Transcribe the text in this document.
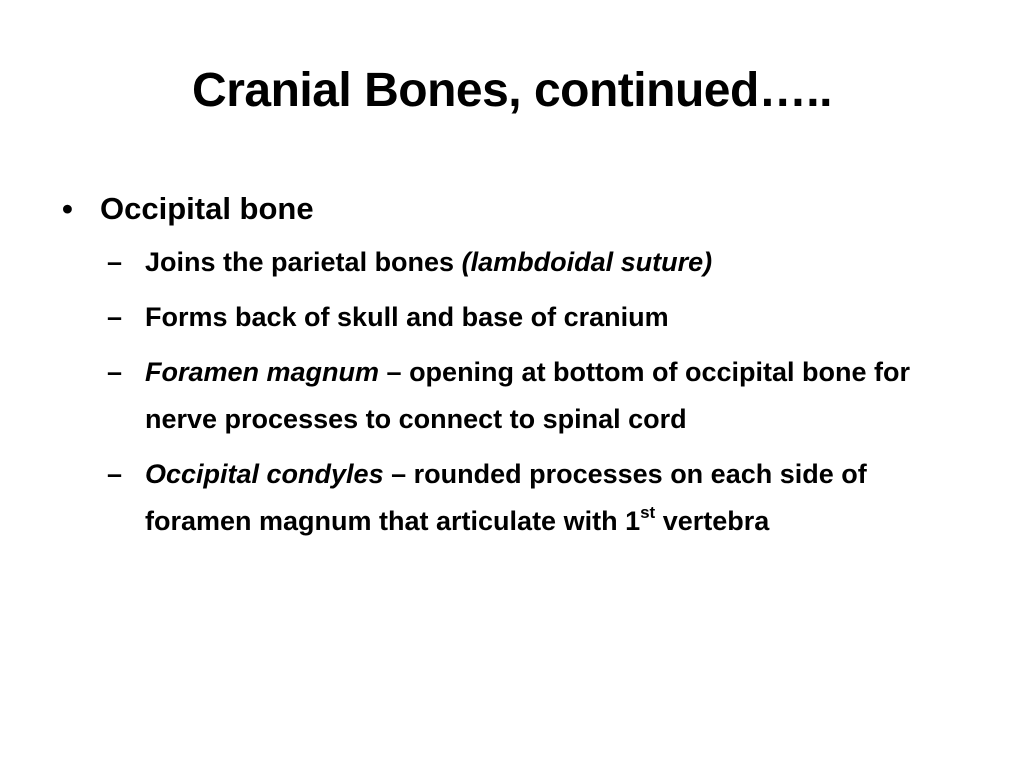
Cranial Bones, continued…..
• Occipital bone
– Joins the parietal bones (lambdoidal suture)
– Forms back of skull and base of cranium
– Foramen magnum – opening at bottom of occipital bone for nerve processes to connect to spinal cord
– Occipital condyles – rounded processes on each side of foramen magnum that articulate with 1st vertebra
